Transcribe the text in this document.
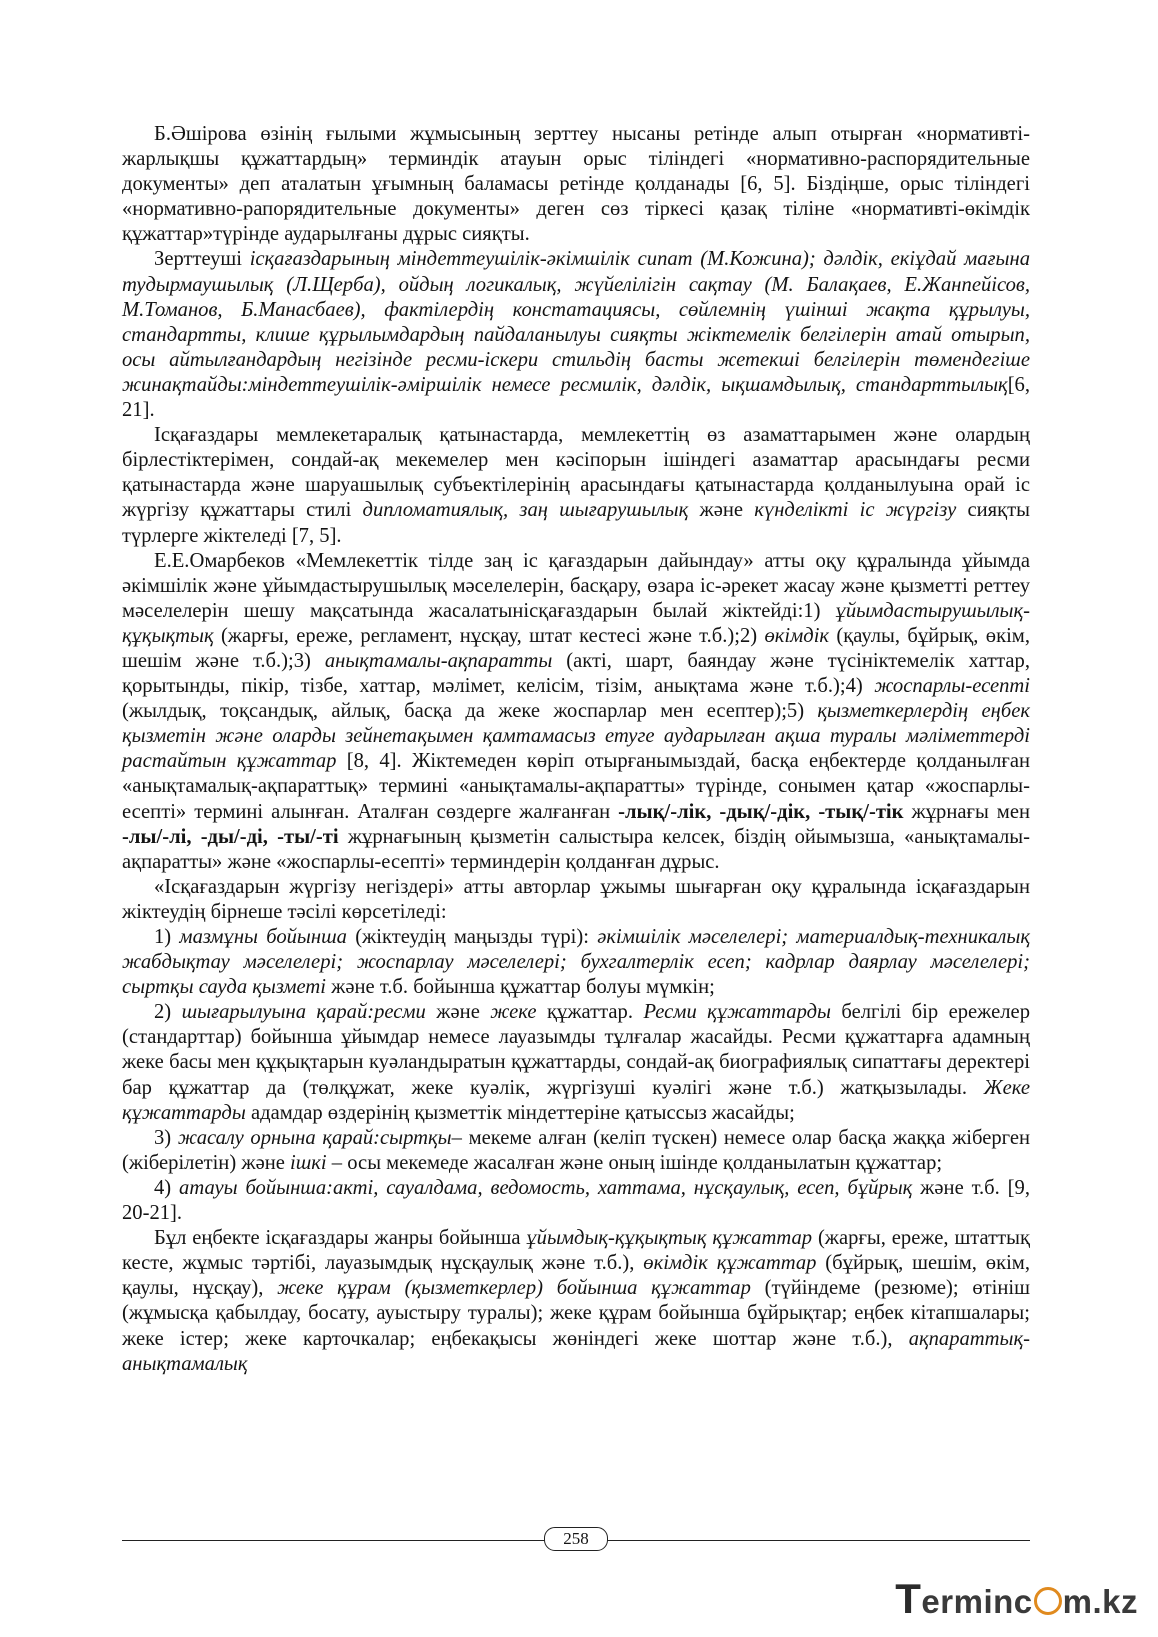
Б.Әшірова өзінің ғылыми жұмысының зерттеу нысаны ретінде алып отырған «нормативті-жарлықшы құжаттардың» терминдік атауын орыс тіліндегі «нормативно-распорядительные документы» деп аталатын ұғымның баламасы ретінде қолданады [6, 5]. Біздіңше, орыс тіліндегі «нормативно-рапорядительные документы» деген сөз тіркесі қазақ тіліне «нормативті-өкімдік құжаттар»түрінде аударылғаны дұрыс сияқты.

Зерттеуші ісқағаздарының міндеттеушілік-әкімшілік сипат (М.Кожина); дәлдік, екіұдай мағына тудырмаушылық (Л.Щерба), ойдың логикалық, жүйелілігін сақтау (М. Балақаев, Е.Жанпейісов, М.Томанов, Б.Манасбаев), фактілердің констатациясы, сөйлемнің үшінші жақта құрылуы, стандартты, клише құрылымдардың пайдаланылуы сияқты жіктемелік белгілерін атай отырып, осы айтылғандардың негізінде ресми-іскери стильдің басты жетекші белгілерін төмендегіше жинақтайды:міндеттеушілік-әміршілік немесе ресмилік, дәлдік, ықшамдылық, стандарттылық[6, 21].

Ісқағаздары мемлекетаралық қатынастарда, мемлекеттің өз азаматтарымен және олардың бірлестіктерімен, сондай-ақ мекемелер мен кәсіпорын ішіндегі азаматтар арасындағы ресми қатынастарда және шаруашылық субъектілерінің арасындағы қатынастарда қолданылуына орай іс жүргізу құжаттары стилі дипломатиялық, заң шығарушылық және күнделікті іс жүргізу сияқты түрлерге жіктеледі [7, 5].

Е.Е.Омарбеков «Мемлекеттік тілде заң іс қағаздарын дайындау» атты оқу құралында ұйымда әкімшілік және ұйымдастырушылық мәселелерін, басқару, өзара іс-әрекет жасау және қызметті реттеу мәселелерін шешу мақсатында жасалатынісқағаздарын былай жіктейді:1) ұйымдастырушылық-құқықтық (жарғы, ереже, регламент, нұсқау, штат кестесі және т.б.);2) өкімдік (қаулы, бұйрық, өкім, шешім және т.б.);3) анықтамалы-ақпаратты (акті, шарт, баяндау және түсініктемелік хаттар, қорытынды, пікір, тізбе, хаттар, мәлімет, келісім, тізім, анықтама және т.б.);4) жоспарлы-есепті (жылдық, тоқсандық, айлық, басқа да жеке жоспарлар мен есептер);5) қызметкерлердің еңбек қызметін және оларды зейнетақымен қамтамасыз етуге аударылған ақша туралы мәліметтерді растайтын құжаттар [8, 4]. Жіктемеден көріп отырғанымыздай, басқа еңбектерде қолданылған «анықтамалық-ақпараттық» термині «анықтамалы-ақпаратты» түрінде, сонымен қатар «жоспарлы-есепті» термині алынған. Аталған сөздерге жалғанған -лық/-лік, -дық/-дік, -тық/-тік жұрнағы мен -лы/-лі, -ды/-ді, -ты/-ті жұрнағының қызметін салыстыра келсек, біздің ойымызша, «анықтамалы-ақпаратты» және «жоспарлы-есепті» терминдерін қолданған дұрыс.

«Ісқағаздарын жүргізу негіздері» атты авторлар ұжымы шығарған оқу құралында ісқағаздарын жіктеудің бірнеше тәсілі көрсетіледі:

1) мазмұны бойынша (жіктеудің маңызды түрі): әкімшілік мәселелері; материалдық-техникалық жабдықтау мәселелері; жоспарлау мәселелері; бухгалтерлік есеп; кадрлар даярлау мәселелері; сыртқы сауда қызметі және т.б. бойынша құжаттар болуы мүмкін;

2) шығарылуына қарай:ресми және жеке құжаттар. Ресми құжаттарды белгілі бір ережелер (стандарттар) бойынша ұйымдар немесе лауазымды тұлғалар жасайды. Ресми құжаттарға адамның жеке басы мен құқықтарын куәландыратын құжаттарды, сондай-ақ биографиялық сипаттағы деректері бар құжаттар да (төлқұжат, жеке куәлік, жүргізуші куәлігі және т.б.) жатқызылады. Жеке құжаттарды адамдар өздерінің қызметтік міндеттеріне қатыссыз жасайды;

3) жасалу орнына қарай:сыртқы– мекеме алған (келіп түскен) немесе олар басқа жаққа жіберген (жіберілетін) және ішкі – осы мекемеде жасалған және оның ішінде қолданылатын құжаттар;

4) атауы бойынша:акті, сауалдама, ведомость, хаттама, нұсқаулық, есеп, бұйрық және т.б. [9, 20-21].

Бұл еңбекте ісқағаздары жанры бойынша ұйымдық-құқықтық құжаттар (жарғы, ереже, штаттық кесте, жұмыс тәртібі, лауазымдық нұсқаулық және т.б.), өкімдік құжаттар (бұйрық, шешім, өкім, қаулы, нұсқау), жеке құрам (қызметкерлер) бойынша құжаттар (түйіндеме (резюме); өтініш (жұмысқа қабылдау, босату, ауыстыру туралы); жеке құрам бойынша бұйрықтар; еңбек кітапшалары; жеке істер; жеке карточкалар; еңбекақысы жөніндегі жеке шоттар және т.б.), ақпараттық-анықтамалық

258
Terminc m.kz
